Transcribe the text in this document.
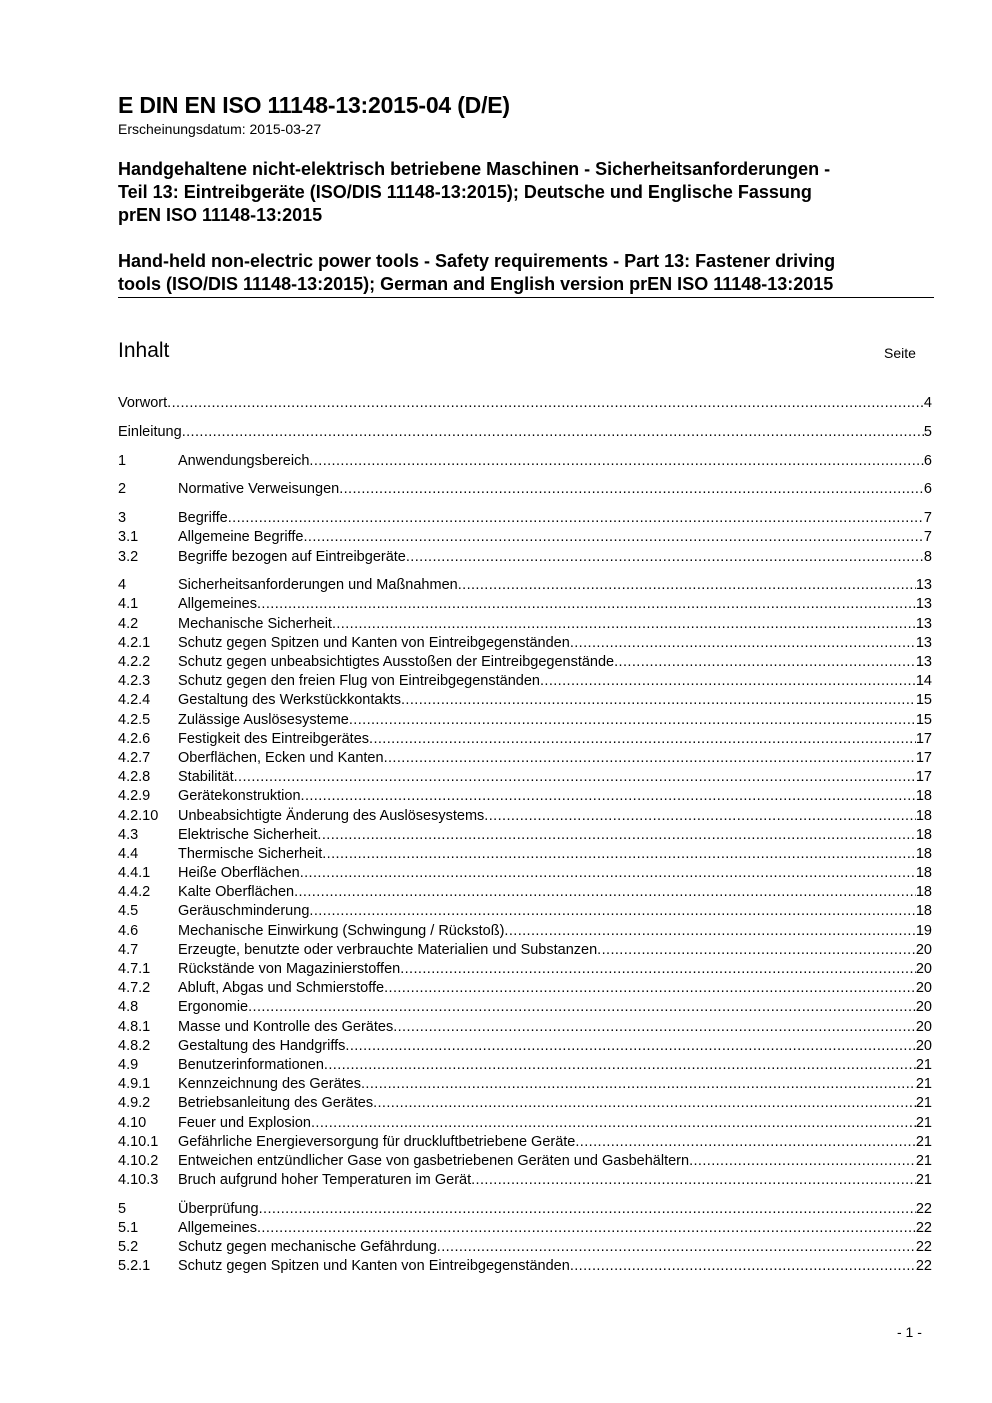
E DIN EN ISO 11148-13:2015-04 (D/E)
Erscheinungsdatum: 2015-03-27
Handgehaltene nicht-elektrisch betriebene Maschinen - Sicherheitsanforderungen -
Teil 13: Eintreibgeräte (ISO/DIS 11148-13:2015); Deutsche und Englische Fassung
prEN ISO 11148-13:2015
Hand-held non-electric power tools - Safety requirements - Part 13: Fastener driving
tools (ISO/DIS 11148-13:2015); German and English version prEN ISO 11148-13:2015
Inhalt	Seite
Vorwort .....	4
Einleitung .....	5
1	Anwendungsbereich .....	6
2	Normative Verweisungen .....	6
3	Begriffe .....	7
3.1	Allgemeine Begriffe .....	7
3.2	Begriffe bezogen auf Eintreibgeräte .....	8
4	Sicherheitsanforderungen und Maßnahmen .....	13
4.1	Allgemeines .....	13
4.2	Mechanische Sicherheit .....	13
4.2.1	Schutz gegen Spitzen und Kanten von Eintreibgegenständen .....	13
4.2.2	Schutz gegen unbeabsichtigtes Ausstoßen der Eintreibgegenstände .....	13
4.2.3	Schutz gegen den freien Flug von Eintreibgegenständen .....	14
4.2.4	Gestaltung des Werkstückkontakts .....	15
4.2.5	Zulässige Auslösesysteme .....	15
4.2.6	Festigkeit des Eintreibgerätes .....	17
4.2.7	Oberflächen, Ecken und Kanten .....	17
4.2.8	Stabilität .....	17
4.2.9	Gerätekonstruktion .....	18
4.2.10	Unbeabsichtigte Änderung des Auslösesystems .....	18
4.3	Elektrische Sicherheit .....	18
4.4	Thermische Sicherheit .....	18
4.4.1	Heiße Oberflächen .....	18
4.4.2	Kalte Oberflächen .....	18
4.5	Geräuschminderung .....	18
4.6	Mechanische Einwirkung (Schwingung / Rückstoß) .....	19
4.7	Erzeugte, benutzte oder verbrauchte Materialien und Substanzen .....	20
4.7.1	Rückstände von Magazinierstoffen .....	20
4.7.2	Abluft, Abgas und Schmierstoffe .....	20
4.8	Ergonomie .....	20
4.8.1	Masse und Kontrolle des Gerätes .....	20
4.8.2	Gestaltung des Handgriffs .....	20
4.9	Benutzerinformationen .....	21
4.9.1	Kennzeichnung des Gerätes .....	21
4.9.2	Betriebsanleitung des Gerätes .....	21
4.10	Feuer und Explosion .....	21
4.10.1	Gefährliche Energieversorgung für druckluftbetriebene Geräte .....	21
4.10.2	Entweichen entzündlicher Gase von gasbetriebenen Geräten und Gasbehältern .....	21
4.10.3	Bruch aufgrund hoher Temperaturen im Gerät .....	21
5	Überprüfung .....	22
5.1	Allgemeines .....	22
5.2	Schutz gegen mechanische Gefährdung .....	22
5.2.1	Schutz gegen Spitzen und Kanten von Eintreibgegenständen .....	22
- 1 -
